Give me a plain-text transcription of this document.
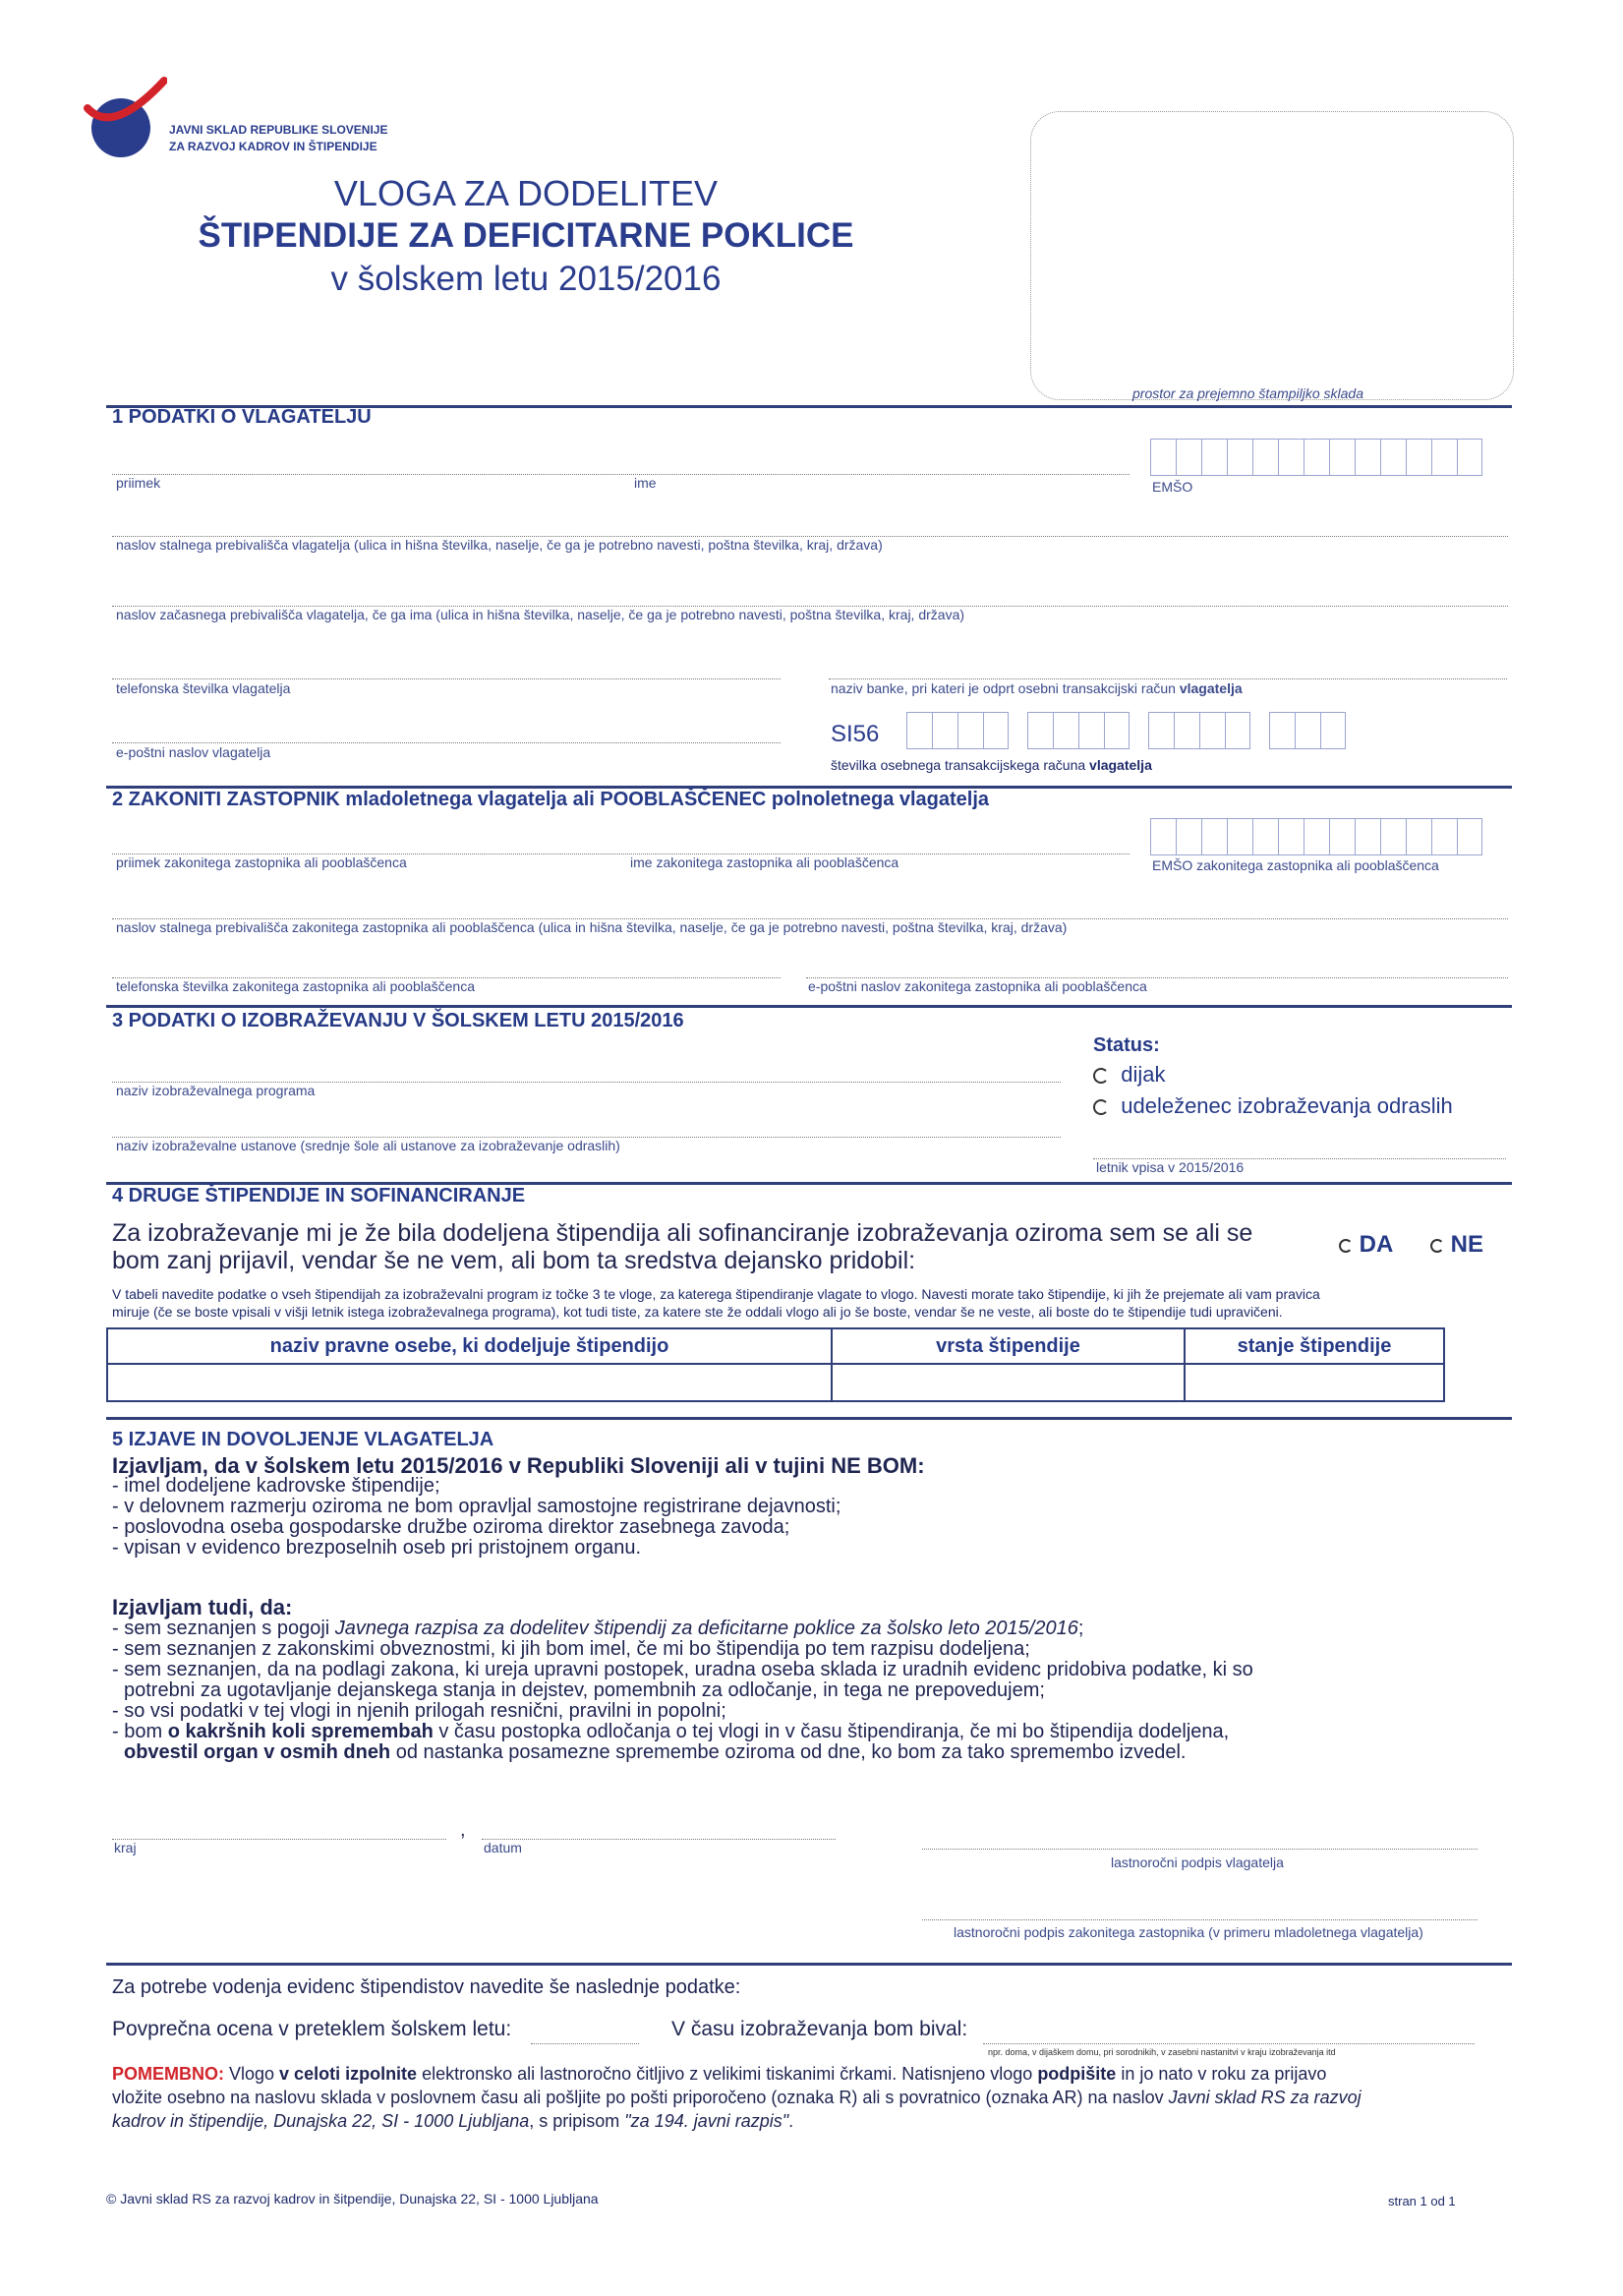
JAVNI SKLAD REPUBLIKE SLOVENIJE
ZA RAZVOJ KADROV IN ŠTIPENDIJE
VLOGA ZA DODELITEV
ŠTIPENDIJE ZA DEFICITARNE POKLICE
v šolskem letu 2015/2016
prostor za prejemno štampiljko sklada
1 PODATKI O VLAGATELJU
priimek	ime	EMŠO
naslov stalnega prebivališča vlagatelja (ulica in hišna številka, naselje, če ga je potrebno navesti, poštna številka, kraj, država)
naslov začasnega prebivališča vlagatelja, če ga ima (ulica in hišna številka, naselje, če ga je potrebno navesti, poštna številka, kraj, država)
telefonska številka vlagatelja	naziv banke, pri kateri je odprt osebni transakcijski račun vlagatelja
e-poštni naslov vlagatelja
SI56
številka osebnega transakcijskega računa vlagatelja
2 ZAKONITI ZASTOPNIK mladoletnega vlagatelja ali POOBLAŠČENEC polnoletnega vlagatelja
priimek zakonitega zastopnika ali pooblaščenca	ime zakonitega zastopnika ali pooblaščenca	EMŠO zakonitega zastopnika ali pooblaščenca
naslov stalnega prebivališča zakonitega zastopnika ali pooblaščenca (ulica in hišna številka, naselje, če ga je potrebno navesti, poštna številka, kraj, država)
telefonska številka zakonitega zastopnika ali pooblaščenca	e-poštni naslov zakonitega zastopnika ali pooblaščenca
3 PODATKI O IZOBRAŽEVANJU V ŠOLSKEM LETU 2015/2016
Status:
dijak
udeleženec izobraževanja odraslih
naziv izobraževalnega programa
naziv izobraževalne ustanove (srednje šole ali ustanove za izobraževanje odraslih)
letnik vpisa v 2015/2016
4 DRUGE ŠTIPENDIJE IN SOFINANCIRANJE
Za izobraževanje mi je že bila dodeljena štipendija ali sofinanciranje izobraževanja oziroma sem se ali se
bom zanj prijavil, vendar še ne vem, ali bom ta sredstva dejansko pridobil:
DA	NE
V tabeli navedite podatke o vseh štipendijah za izobraževalni program iz točke 3 te vloge, za katerega štipendiranje vlagate to vlogo. Navesti morate tako štipendije, ki jih že prejemate ali vam pravica
miruje (če se boste vpisali v višji letnik istega izobraževalnega programa), kot tudi tiste, za katere ste že oddali vlogo ali jo še boste, vendar še ne veste, ali boste do te štipendije tudi upravičeni.
naziv pravne osebe, ki dodeljuje štipendijo	vrsta štipendije	stanje štipendije

5 IZJAVE IN DOVOLJENJE VLAGATELJA
Izjavljam, da v šolskem letu 2015/2016 v Republiki Sloveniji ali v tujini NE BOM:
- imel dodeljene kadrovske štipendije;
- v delovnem razmerju oziroma ne bom opravljal samostojne registrirane dejavnosti;
- poslovodna oseba gospodarske družbe oziroma direktor zasebnega zavoda;
- vpisan v evidenco brezposelnih oseb pri pristojnem organu.
Izjavljam tudi, da:
- sem seznanjen s pogoji Javnega razpisa za dodelitev štipendij za deficitarne poklice za šolsko leto 2015/2016;
- sem seznanjen z zakonskimi obveznostmi, ki jih bom imel, če mi bo štipendija po tem razpisu dodeljena;
- sem seznanjen, da na podlagi zakona, ki ureja upravni postopek, uradna oseba sklada iz uradnih evidenc pridobiva podatke, ki so
potrebni za ugotavljanje dejanskega stanja in dejstev, pomembnih za odločanje, in tega ne prepovedujem;
- so vsi podatki v tej vlogi in njenih prilogah resnični, pravilni in popolni;
- bom o kakršnih koli spremembah v času postopka odločanja o tej vlogi in v času štipendiranja, če mi bo štipendija dodeljena,
obvestil organ v osmih dneh od nastanka posamezne spremembe oziroma od dne, ko bom za tako spremembo izvedel.
kraj
,
datum
lastnoročni podpis vlagatelja
lastnoročni podpis zakonitega zastopnika (v primeru mladoletnega vlagatelja)
Za potrebe vodenja evidenc štipendistov navedite še naslednje podatke:
Povprečna ocena v preteklem šolskem letu:	V času izobraževanja bom bival:
npr. doma, v dijaškem domu, pri sorodnikih, v zasebni nastanitvi v kraju izobraževanja itd
POMEMBNO: Vlogo v celoti izpolnite elektronsko ali lastnoročno čitljivo z velikimi tiskanimi črkami. Natisnjeno vlogo podpišite in jo nato v roku za prijavo
vložite osebno na naslovu sklada v poslovnem času ali pošljite po pošti priporočeno (oznaka R) ali s povratnico (oznaka AR) na naslov Javni sklad RS za razvoj
kadrov in štipendije, Dunajska 22, SI - 1000 Ljubljana, s pripisom "za 194. javni razpis".
© Javni sklad RS za razvoj kadrov in šitpendije, Dunajska 22, SI - 1000 Ljubljana	stran 1 od 1
